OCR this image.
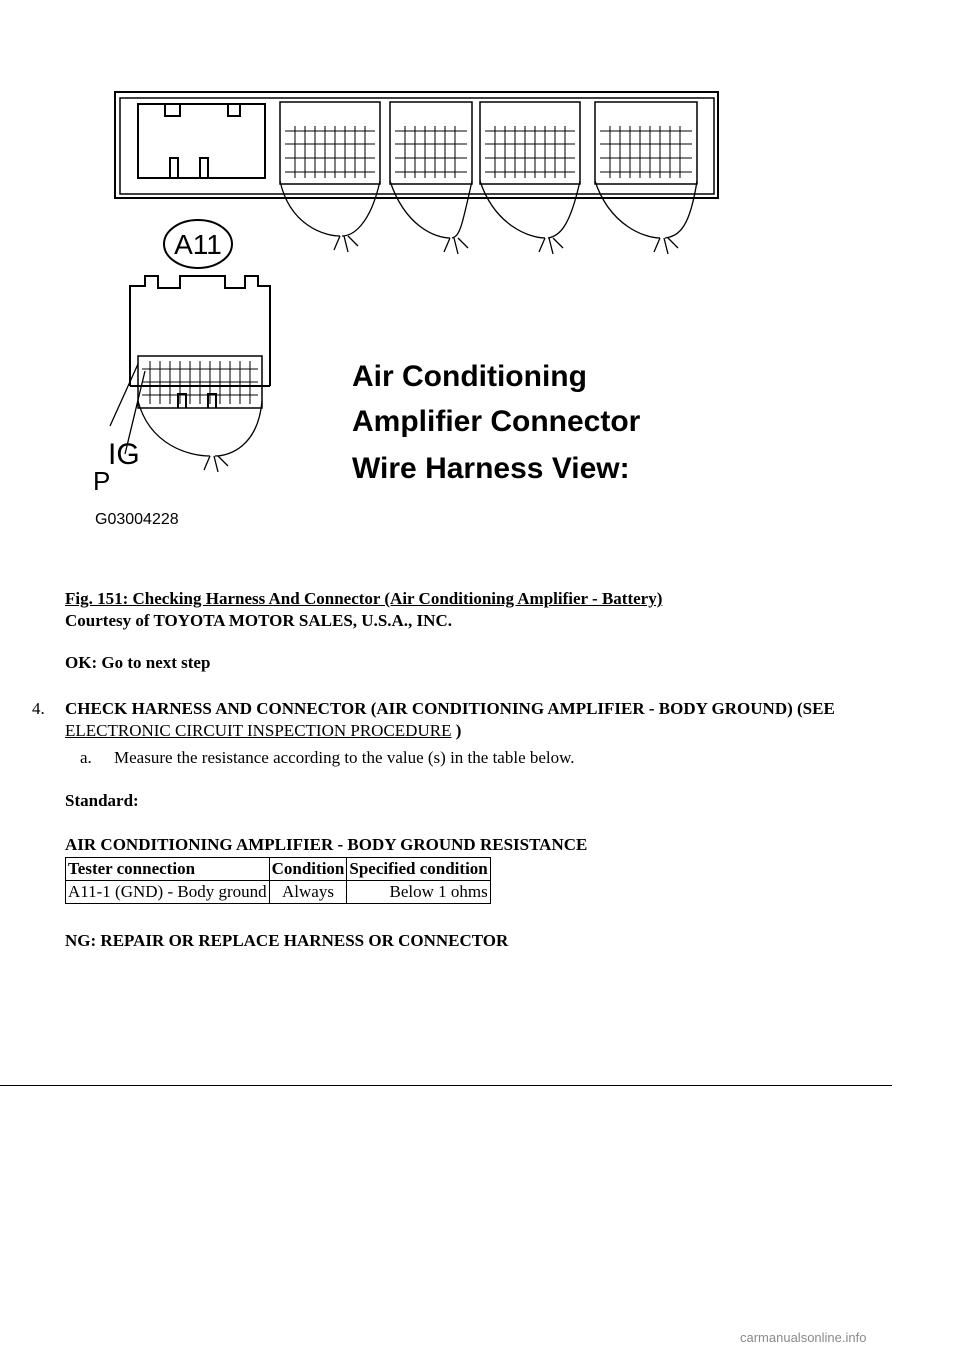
A11
IG
P
Air Conditioning
Amplifier Connector
Wire Harness View:
G03004228
Fig. 151: Checking Harness And Connector (Air Conditioning Amplifier - Battery)
Courtesy of TOYOTA MOTOR SALES, U.S.A., INC.
OK: Go to next step
4. CHECK HARNESS AND CONNECTOR (AIR CONDITIONING AMPLIFIER - BODY GROUND) (SEE ELECTRONIC CIRCUIT INSPECTION PROCEDURE )
a. Measure the resistance according to the value (s) in the table below.
Standard:
AIR CONDITIONING AMPLIFIER - BODY GROUND RESISTANCE
Tester connection	Condition	Specified condition
A11-1 (GND) - Body ground	Always	Below 1 ohms
NG: REPAIR OR REPLACE HARNESS OR CONNECTOR
carmanualsonline.info
